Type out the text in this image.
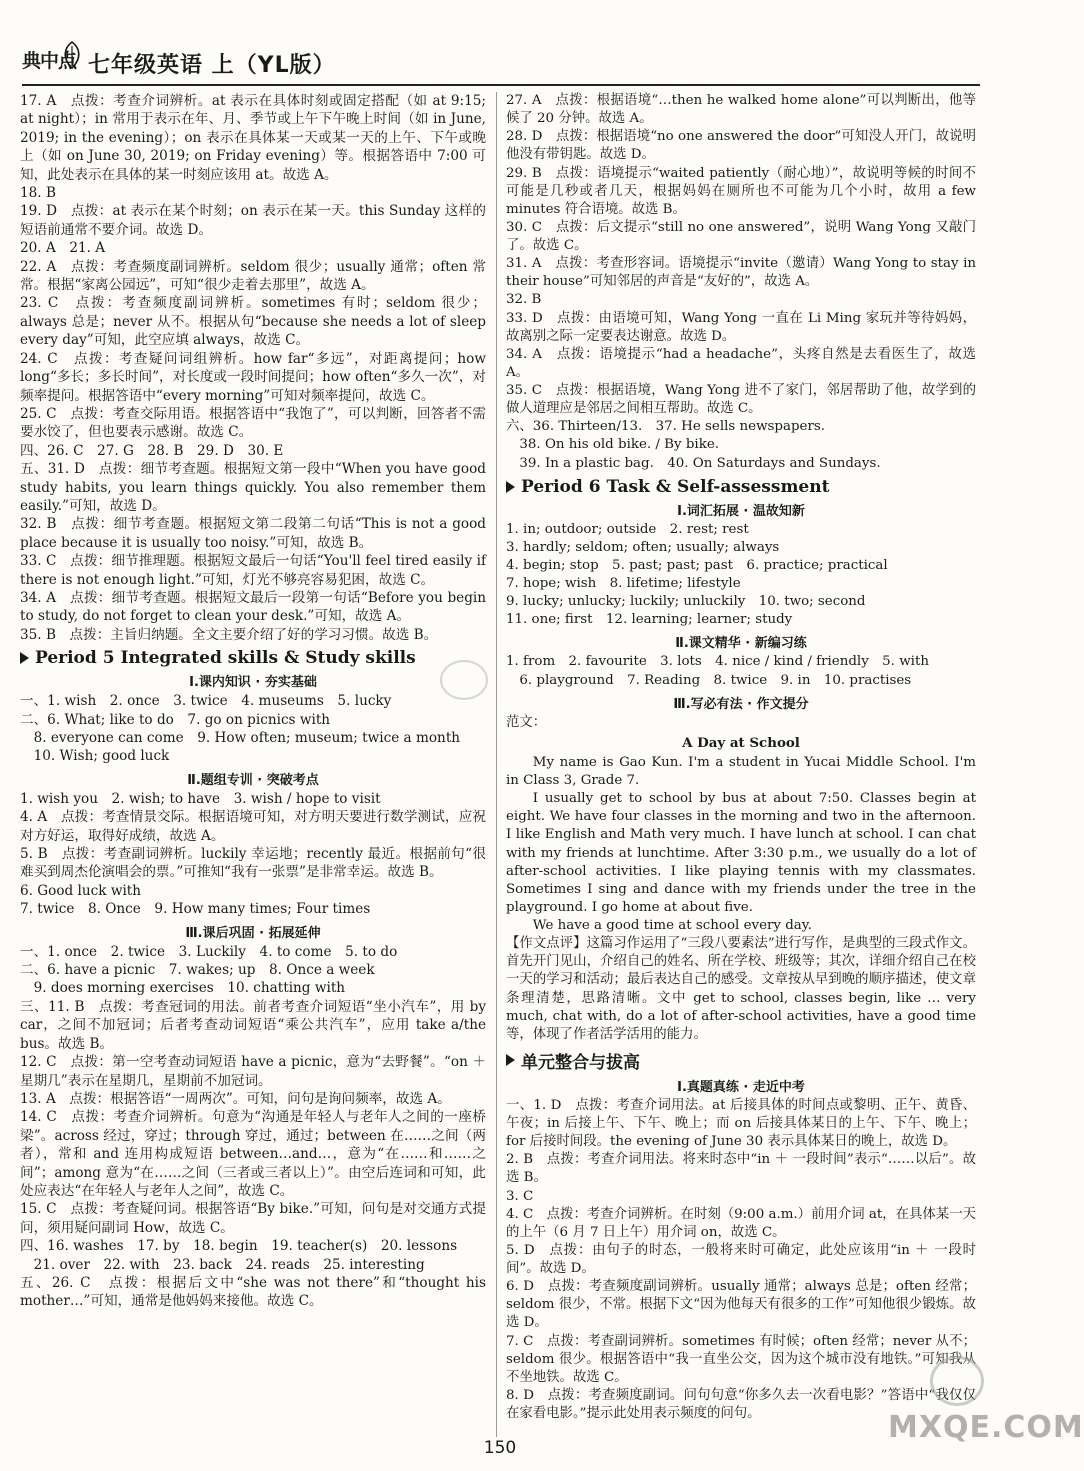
典中点 七年级英语 上（YL版）

17. A　点拨：考查介词辨析。at 表示在具体时刻或固定搭配（如 at 9:15; at night）；in 常用于表示在年、月、季节或上午下午晚上时间（如 in June, 2019; in the evening）；on 表示在具体某一天或某一天的上午、下午或晚上（如 on June 30, 2019; on Friday evening）等。根据答语中 7:00 可知，此处表示在具体的某一时刻应该用 at。故选 A。

18. B

19. D　点拨：at 表示在某个时刻；on 表示在某一天。this Sunday 这样的短语前通常不要介词。故选 D。

20. A　21. A

22. A　点拨：考查频度副词辨析。seldom 很少；usually 通常；often 常常。根据“家离公园远”，可知“很少走着去那里”，故选 A。

23. C　点拨：考查频度副词辨析。sometimes 有时；seldom 很少；always 总是；never 从不。根据从句“because she needs a lot of sleep every day”可知，此空应填 always，故选 C。

24. C　点拨：考查疑问词组辨析。how far“多远”，对距离提问；how long“多长；多长时间”，对长度或一段时间提问；how often“多久一次”，对频率提问。根据答语中“every morning”可知对频率提问，故选 C。

25. C　点拨：考查交际用语。根据答语中“我饱了”，可以判断，回答者不需要水饺了，但也要表示感谢。故选 C。

四、26. C　27. G　28. B　29. D　30. E

五、31. D　点拨：细节考查题。根据短文第一段中“When you have good study habits, you learn things quickly. You also remember them easily.”可知，故选 D。

32. B　点拨：细节考查题。根据短文第二段第二句话“This is not a good place because it is usually too noisy.”可知，故选 B。

33. C　点拨：细节推理题。根据短文最后一句话“You'll feel tired easily if there is not enough light.”可知，灯光不够亮容易犯困，故选 C。

34. A　点拨：细节考查题。根据短文最后一段第一句话“Before you begin to study, do not forget to clean your desk.”可知，故选 A。

35. B　点拨：主旨归纳题。全文主要介绍了好的学习习惯。故选 B。

Period 5 Integrated skills & Study skills

Ⅰ.课内知识 · 夯实基础

一、1. wish　2. once　3. twice　4. museums　5. lucky

二、6. What; like to do　7. go on picnics with

　8. everyone can come　9. How often; museum; twice a month

　10. Wish; good luck

Ⅱ.题组专训 · 突破考点

1. wish you　2. wish; to have　3. wish / hope to visit

4. A　点拨：考查情景交际。根据语境可知，对方明天要进行数学测试，应祝对方好运，取得好成绩，故选 A。

5. B　点拨：考查副词辨析。luckily 幸运地；recently 最近。根据前句“很难买到周杰伦演唱会的票。”可推知“我有一张票”是非常幸运。故选 B。

6. Good luck with

7. twice　8. Once　9. How many times; Four times

Ⅲ.课后巩固 · 拓展延伸

一、1. once　2. twice　3. Luckily　4. to come　5. to do

二、6. have a picnic　7. wakes; up　8. Once a week

　9. does morning exercises　10. chatting with

三、11. B　点拨：考查冠词的用法。前者考查介词短语“坐小汽车”，用 by car，之间不加冠词；后者考查动词短语“乘公共汽车”，应用 take a/the bus。故选 B。

12. C　点拨：第一空考查动词短语 have a picnic，意为“去野餐”。“on ＋ 星期几”表示在星期几，星期前不加冠词。

13. A　点拨：根据答语“一周两次”。可知，问句是询问频率，故选 A。

14. C　点拨：考查介词辨析。句意为“沟通是年轻人与老年人之间的一座桥梁”。across 经过，穿过；through 穿过，通过；between 在……之间（两者），常和 and 连用构成短语 between…and…，意为“在……和……之间”；among 意为“在……之间（三者或三者以上）”。由空后连词和可知，此处应表达“在年轻人与老年人之间”，故选 C。

15. C　点拨：考查疑问词。根据答语“By bike.”可知，问句是对交通方式提问，须用疑问副词 How，故选 C。

四、16. washes　17. by　18. begin　19. teacher(s)　20. lessons

　21. over　22. with　23. back　24. reads　25. interesting

五、26. C　点拨：根据后文中“she was not there”和“thought his mother…”可知，通常是他妈妈来接他。故选 C。

27. A　点拨：根据语境“…then he walked home alone”可以判断出，他等候了 20 分钟。故选 A。

28. D　点拨：根据语境“no one answered the door”可知没人开门，故说明他没有带钥匙。故选 D。

29. B　点拨：语境提示“waited patiently（耐心地）”，故说明等候的时间不可能是几秒或者几天，根据妈妈在厕所也不可能为几个小时，故用 a few minutes 符合语境。故选 B。

30. C　点拨：后文提示“still no one answered”，说明 Wang Yong 又敲门了。故选 C。

31. A　点拨：考查形容词。语境提示“invite（邀请）Wang Yong to stay in their house”可知邻居的声音是“友好的”，故选 A。

32. B

33. D　点拨：由语境可知，Wang Yong 一直在 Li Ming 家玩并等待妈妈，故离别之际一定要表达谢意。故选 D。

34. A　点拨：语境提示“had a headache”，头疼自然是去看医生了，故选 A。

35. C　点拨：根据语境，Wang Yong 进不了家门，邻居帮助了他，故学到的做人道理应是邻居之间相互帮助。故选 C。

六、36. Thirteen/13.　37. He sells newspapers.

　38. On his old bike. / By bike.

　39. In a plastic bag.　40. On Saturdays and Sundays.

Period 6 Task & Self-assessment

Ⅰ.词汇拓展 · 温故知新

1. in; outdoor; outside　2. rest; rest

3. hardly; seldom; often; usually; always

4. begin; stop　5. past; past; past　6. practice; practical

7. hope; wish　8. lifetime; lifestyle

9. lucky; unlucky; luckily; unluckily　10. two; second

11. one; first　12. learning; learner; study

Ⅱ.课文精华 · 新编习练

1. from　2. favourite　3. lots　4. nice / kind / friendly　5. with

　6. playground　7. Reading　8. twice　9. in　10. practises

Ⅲ.写必有法 · 作文提分

范文：

A Day at School

My name is Gao Kun. I'm a student in Yucai Middle School. I'm in Class 3, Grade 7.

I usually get to school by bus at about 7:50. Classes begin at eight. We have four classes in the morning and two in the afternoon. I like English and Math very much. I have lunch at school. I can chat with my friends at lunchtime. After 3:30 p.m., we usually do a lot of after-school activities. I like playing tennis with my classmates. Sometimes I sing and dance with my friends under the tree in the playground. I go home at about five.

We have a good time at school every day.

【作文点评】这篇习作运用了“三段八要素法”进行写作，是典型的三段式作文。首先开门见山，介绍自己的姓名、所在学校、班级等；其次，详细介绍自己在校一天的学习和活动；最后表达自己的感受。文章按从早到晚的顺序描述，使文章条理清楚，思路清晰。文中 get to school, classes begin, like … very much, chat with, do a lot of after-school activities, have a good time 等，体现了作者活学活用的能力。

单元整合与拔高

Ⅰ.真题真练 · 走近中考

一、1. D　点拨：考查介词用法。at 后接具体的时间点或黎明、正午、黄昏、午夜；in 后接上午、下午、晚上；而 on 后接具体某日的上午、下午、晚上；for 后接时间段。the evening of June 30 表示具体某日的晚上，故选 D。

2. B　点拨：考查介词用法。将来时态中“in ＋ 一段时间”表示“……以后”。故选 B。

3. C

4. C　点拨：考查介词辨析。在时刻（9:00 a.m.）前用介词 at，在具体某一天的上午（6 月 7 日上午）用介词 on，故选 C。

5. D　点拨：由句子的时态，一般将来时可确定，此处应该用“in ＋ 一段时间”。故选 D。

6. D　点拨：考查频度副词辨析。usually 通常；always 总是；often 经常；seldom 很少，不常。根据下文“因为他每天有很多的工作”可知他很少锻炼。故选 D。

7. C　点拨：考查副词辨析。sometimes 有时候；often 经常；never 从不；seldom 很少。根据答语中“我一直坐公交，因为这个城市没有地铁。”可知我从不坐地铁。故选 C。

8. D　点拨：考查频度副词。问句句意“你多久去一次看电影？”答语中“我仅仅在家看电影。”提示此处用表示频度的问句。	MXQE.COM
150
